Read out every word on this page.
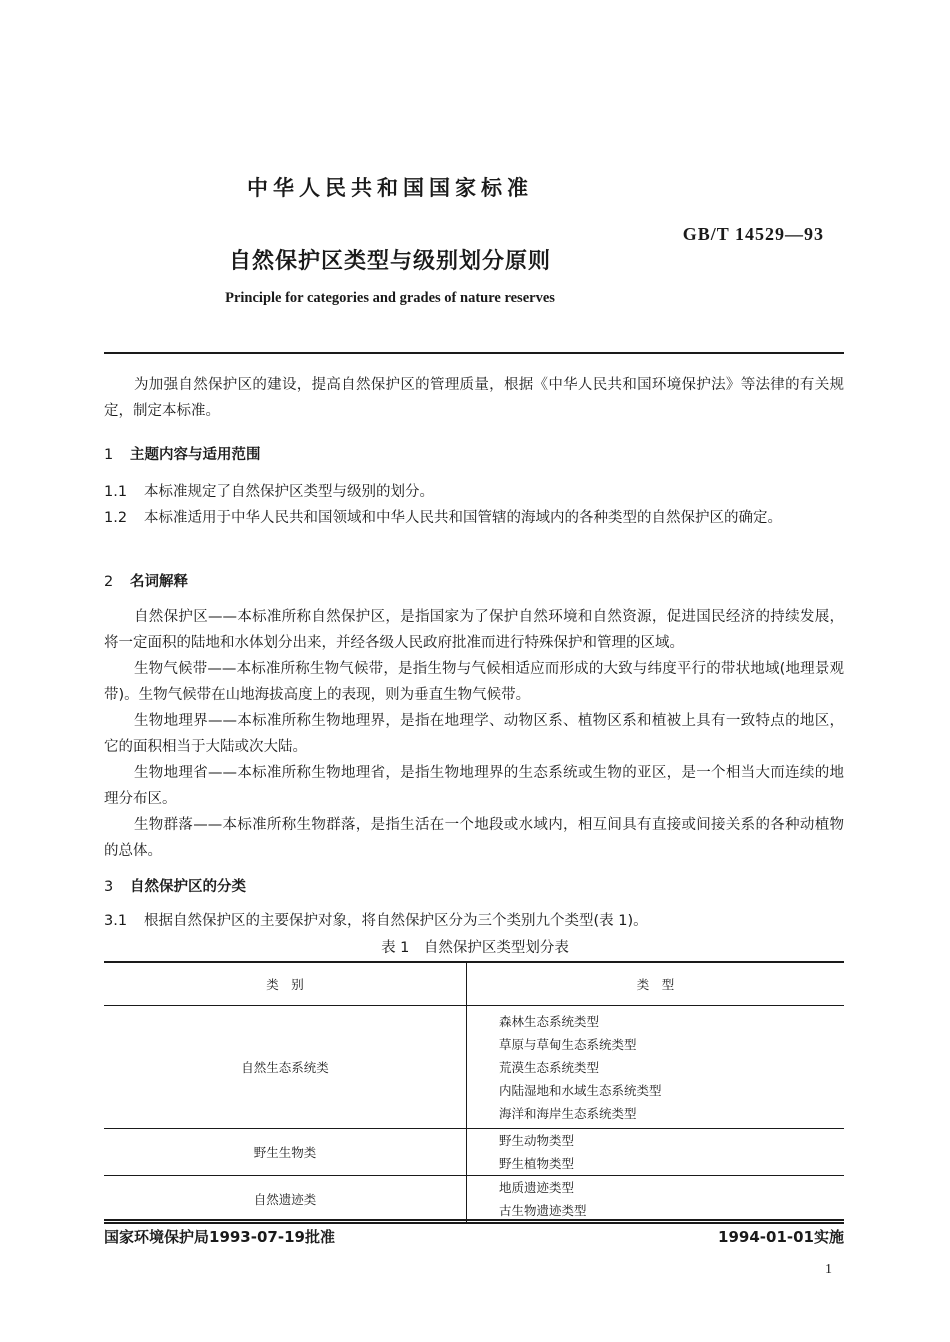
中华人民共和国国家标准
GB/T 14529—93
自然保护区类型与级别划分原则
Principle for categories and grades of nature reserves
为加强自然保护区的建设，提高自然保护区的管理质量，根据《中华人民共和国环境保护法》等法律的有关规定，制定本标准。
1 主题内容与适用范围
1.1 本标准规定了自然保护区类型与级别的划分。
1.2 本标准适用于中华人民共和国领域和中华人民共和国管辖的海域内的各种类型的自然保护区的确定。
2 名词解释
自然保护区——本标准所称自然保护区，是指国家为了保护自然环境和自然资源，促进国民经济的持续发展，将一定面积的陆地和水体划分出来，并经各级人民政府批准而进行特殊保护和管理的区域。
生物气候带——本标准所称生物气候带，是指生物与气候相适应而形成的大致与纬度平行的带状地域(地理景观带)。生物气候带在山地海拔高度上的表现，则为垂直生物气候带。
生物地理界——本标准所称生物地理界，是指在地理学、动物区系、植物区系和植被上具有一致特点的地区，它的面积相当于大陆或次大陆。
生物地理省——本标准所称生物地理省，是指生物地理界的生态系统或生物的亚区，是一个相当大而连续的地理分布区。
生物群落——本标准所称生物群落，是指生活在一个地段或水域内，相互间具有直接或间接关系的各种动植物的总体。
3 自然保护区的分类
3.1 根据自然保护区的主要保护对象，将自然保护区分为三个类别九个类型(表 1)。
表 1　自然保护区类型划分表
类　别	类　型
自然生态系统类	森林生态系统类型
草原与草甸生态系统类型
荒漠生态系统类型
内陆湿地和水域生态系统类型
海洋和海岸生态系统类型

野生生物类	野生动物类型
野生植物类型

自然遗迹类	地质遗迹类型
古生物遗迹类型
国家环境保护局1993-07-19批准	1994-01-01实施
1
